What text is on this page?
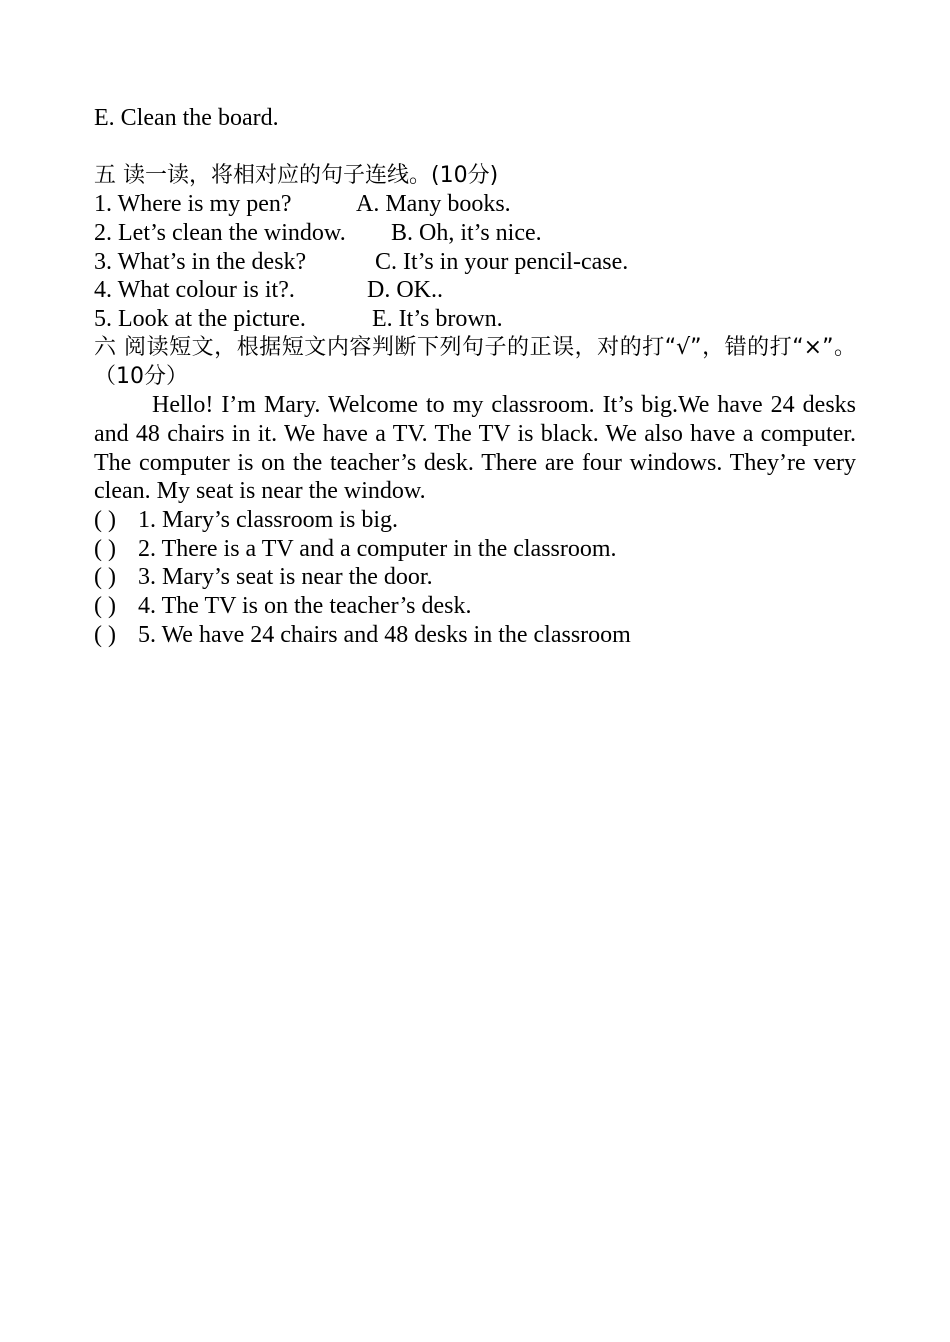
E. Clean the board.
五 读一读，将相对应的句子连线。(10分)
1. Where is my pen?	A. Many books.
2. Let’s clean the window. B. Oh, it’s nice.
3. What’s in the desk?	C. It’s in your pencil-case.
4. What colour is it?.	D. OK..
5. Look at the picture.	E. It’s brown.
六 阅读短文，根据短文内容判断下列句子的正误，对的打“√”，错的打“×”。（10分）
Hello! I’m Mary. Welcome to my classroom. It’s big.We have 24 desks and 48 chairs in it. We have a TV. The TV is black. We also have a computer. The computer is on the teacher’s desk. There are four windows. They’re very clean. My seat is near the window.
( ) 1. Mary’s classroom is big.
( ) 2. There is a TV and a computer in the classroom.
( ) 3. Mary’s seat is near the door.
( ) 4. The TV is on the teacher’s desk.
( ) 5. We have 24 chairs and 48 desks in the classroom
